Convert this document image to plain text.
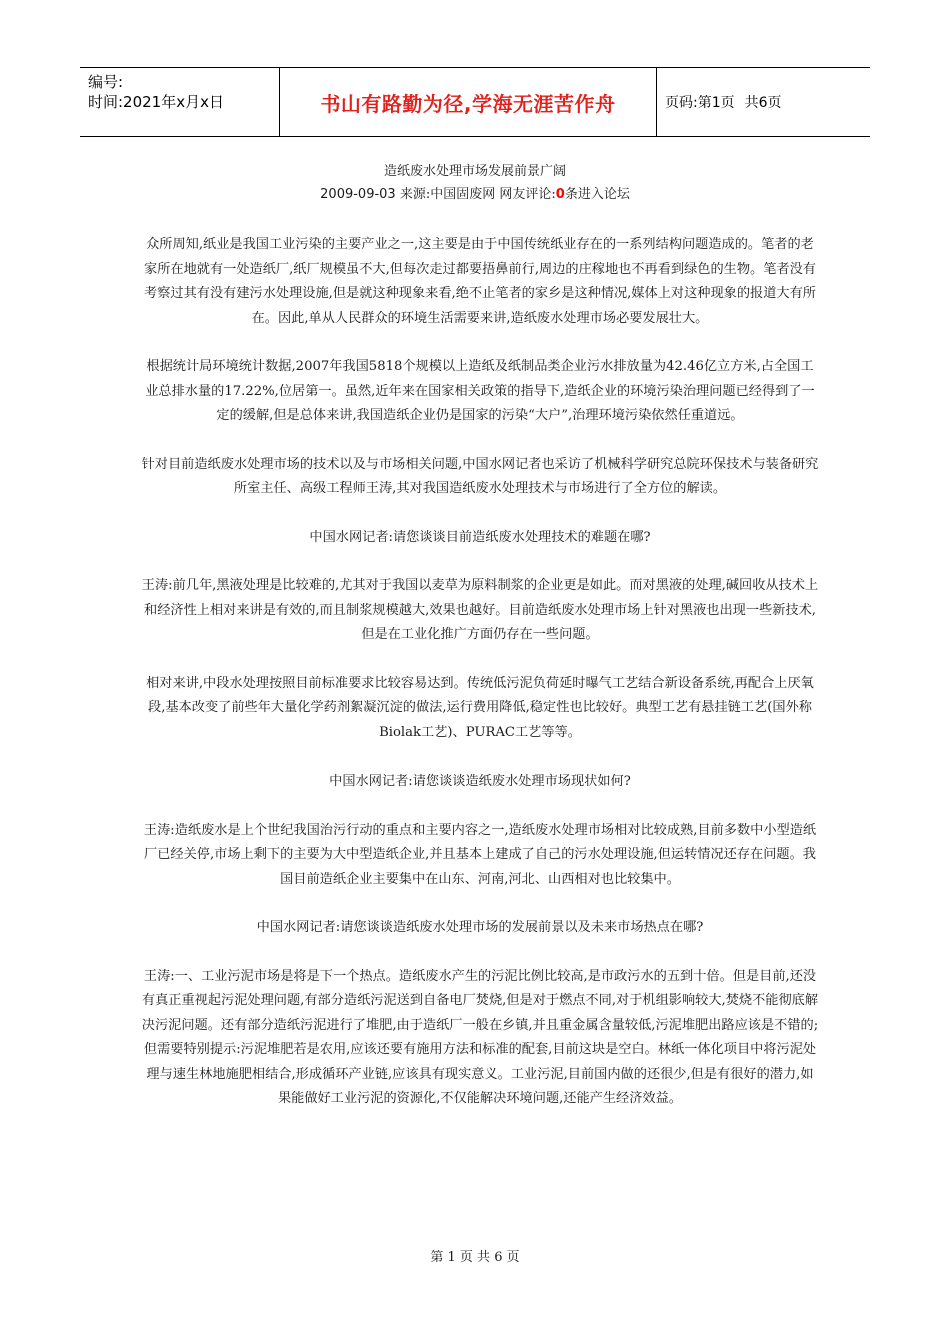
编号:
时间:2021年x月x日	书山有路勤为径,学海无涯苦作舟	页码:第1页 共6页
造纸废水处理市场发展前景广阔
2009-09-03 来源:中国固废网 网友评论:0条进入论坛

众所周知,纸业是我国工业污染的主要产业之一,这主要是由于中国传统纸业存在的一系列结构问题造成的。笔者的老家所在地就有一处造纸厂,纸厂规模虽不大,但每次走过都要捂鼻前行,周边的庄稼地也不再看到绿色的生物。笔者没有考察过其有没有建污水处理设施,但是就这种现象来看,绝不止笔者的家乡是这种情况,媒体上对这种现象的报道大有所在。因此,单从人民群众的环境生活需要来讲,造纸废水处理市场必要发展壮大。

根据统计局环境统计数据,2007年我国5818个规模以上造纸及纸制品类企业污水排放量为42.46亿立方米,占全国工业总排水量的17.22%,位居第一。虽然,近年来在国家相关政策的指导下,造纸企业的环境污染治理问题已经得到了一定的缓解,但是总体来讲,我国造纸企业仍是国家的污染“大户”,治理环境污染依然任重道远。

针对目前造纸废水处理市场的技术以及与市场相关问题,中国水网记者也采访了机械科学研究总院环保技术与装备研究所室主任、高级工程师王涛,其对我国造纸废水处理技术与市场进行了全方位的解读。

中国水网记者:请您谈谈目前造纸废水处理技术的难题在哪?

王涛:前几年,黑液处理是比较难的,尤其对于我国以麦草为原料制浆的企业更是如此。而对黑液的处理,碱回收从技术上和经济性上相对来讲是有效的,而且制浆规模越大,效果也越好。目前造纸废水处理市场上针对黑液也出现一些新技术,但是在工业化推广方面仍存在一些问题。

相对来讲,中段水处理按照目前标准要求比较容易达到。传统低污泥负荷延时曝气工艺结合新设备系统,再配合上厌氧段,基本改变了前些年大量化学药剂絮凝沉淀的做法,运行费用降低,稳定性也比较好。典型工艺有悬挂链工艺(国外称Biolak工艺)、PURAC工艺等等。

中国水网记者:请您谈谈造纸废水处理市场现状如何?

王涛:造纸废水是上个世纪我国治污行动的重点和主要内容之一,造纸废水处理市场相对比较成熟,目前多数中小型造纸厂已经关停,市场上剩下的主要为大中型造纸企业,并且基本上建成了自己的污水处理设施,但运转情况还存在问题。我国目前造纸企业主要集中在山东、河南,河北、山西相对也比较集中。

中国水网记者:请您谈谈造纸废水处理市场的发展前景以及未来市场热点在哪?

王涛:一、工业污泥市场是将是下一个热点。造纸废水产生的污泥比例比较高,是市政污水的五到十倍。但是目前,还没有真正重视起污泥处理问题,有部分造纸污泥送到自备电厂焚烧,但是对于燃点不同,对于机组影响较大,焚烧不能彻底解决污泥问题。还有部分造纸污泥进行了堆肥,由于造纸厂一般在乡镇,并且重金属含量较低,污泥堆肥出路应该是不错的;但需要特别提示:污泥堆肥若是农用,应该还要有施用方法和标准的配套,目前这块是空白。林纸一体化项目中将污泥处理与速生林地施肥相结合,形成循环产业链,应该具有现实意义。工业污泥,目前国内做的还很少,但是有很好的潜力,如果能做好工业污泥的资源化,不仅能解决环境问题,还能产生经济效益。

第 1 页 共 6 页
